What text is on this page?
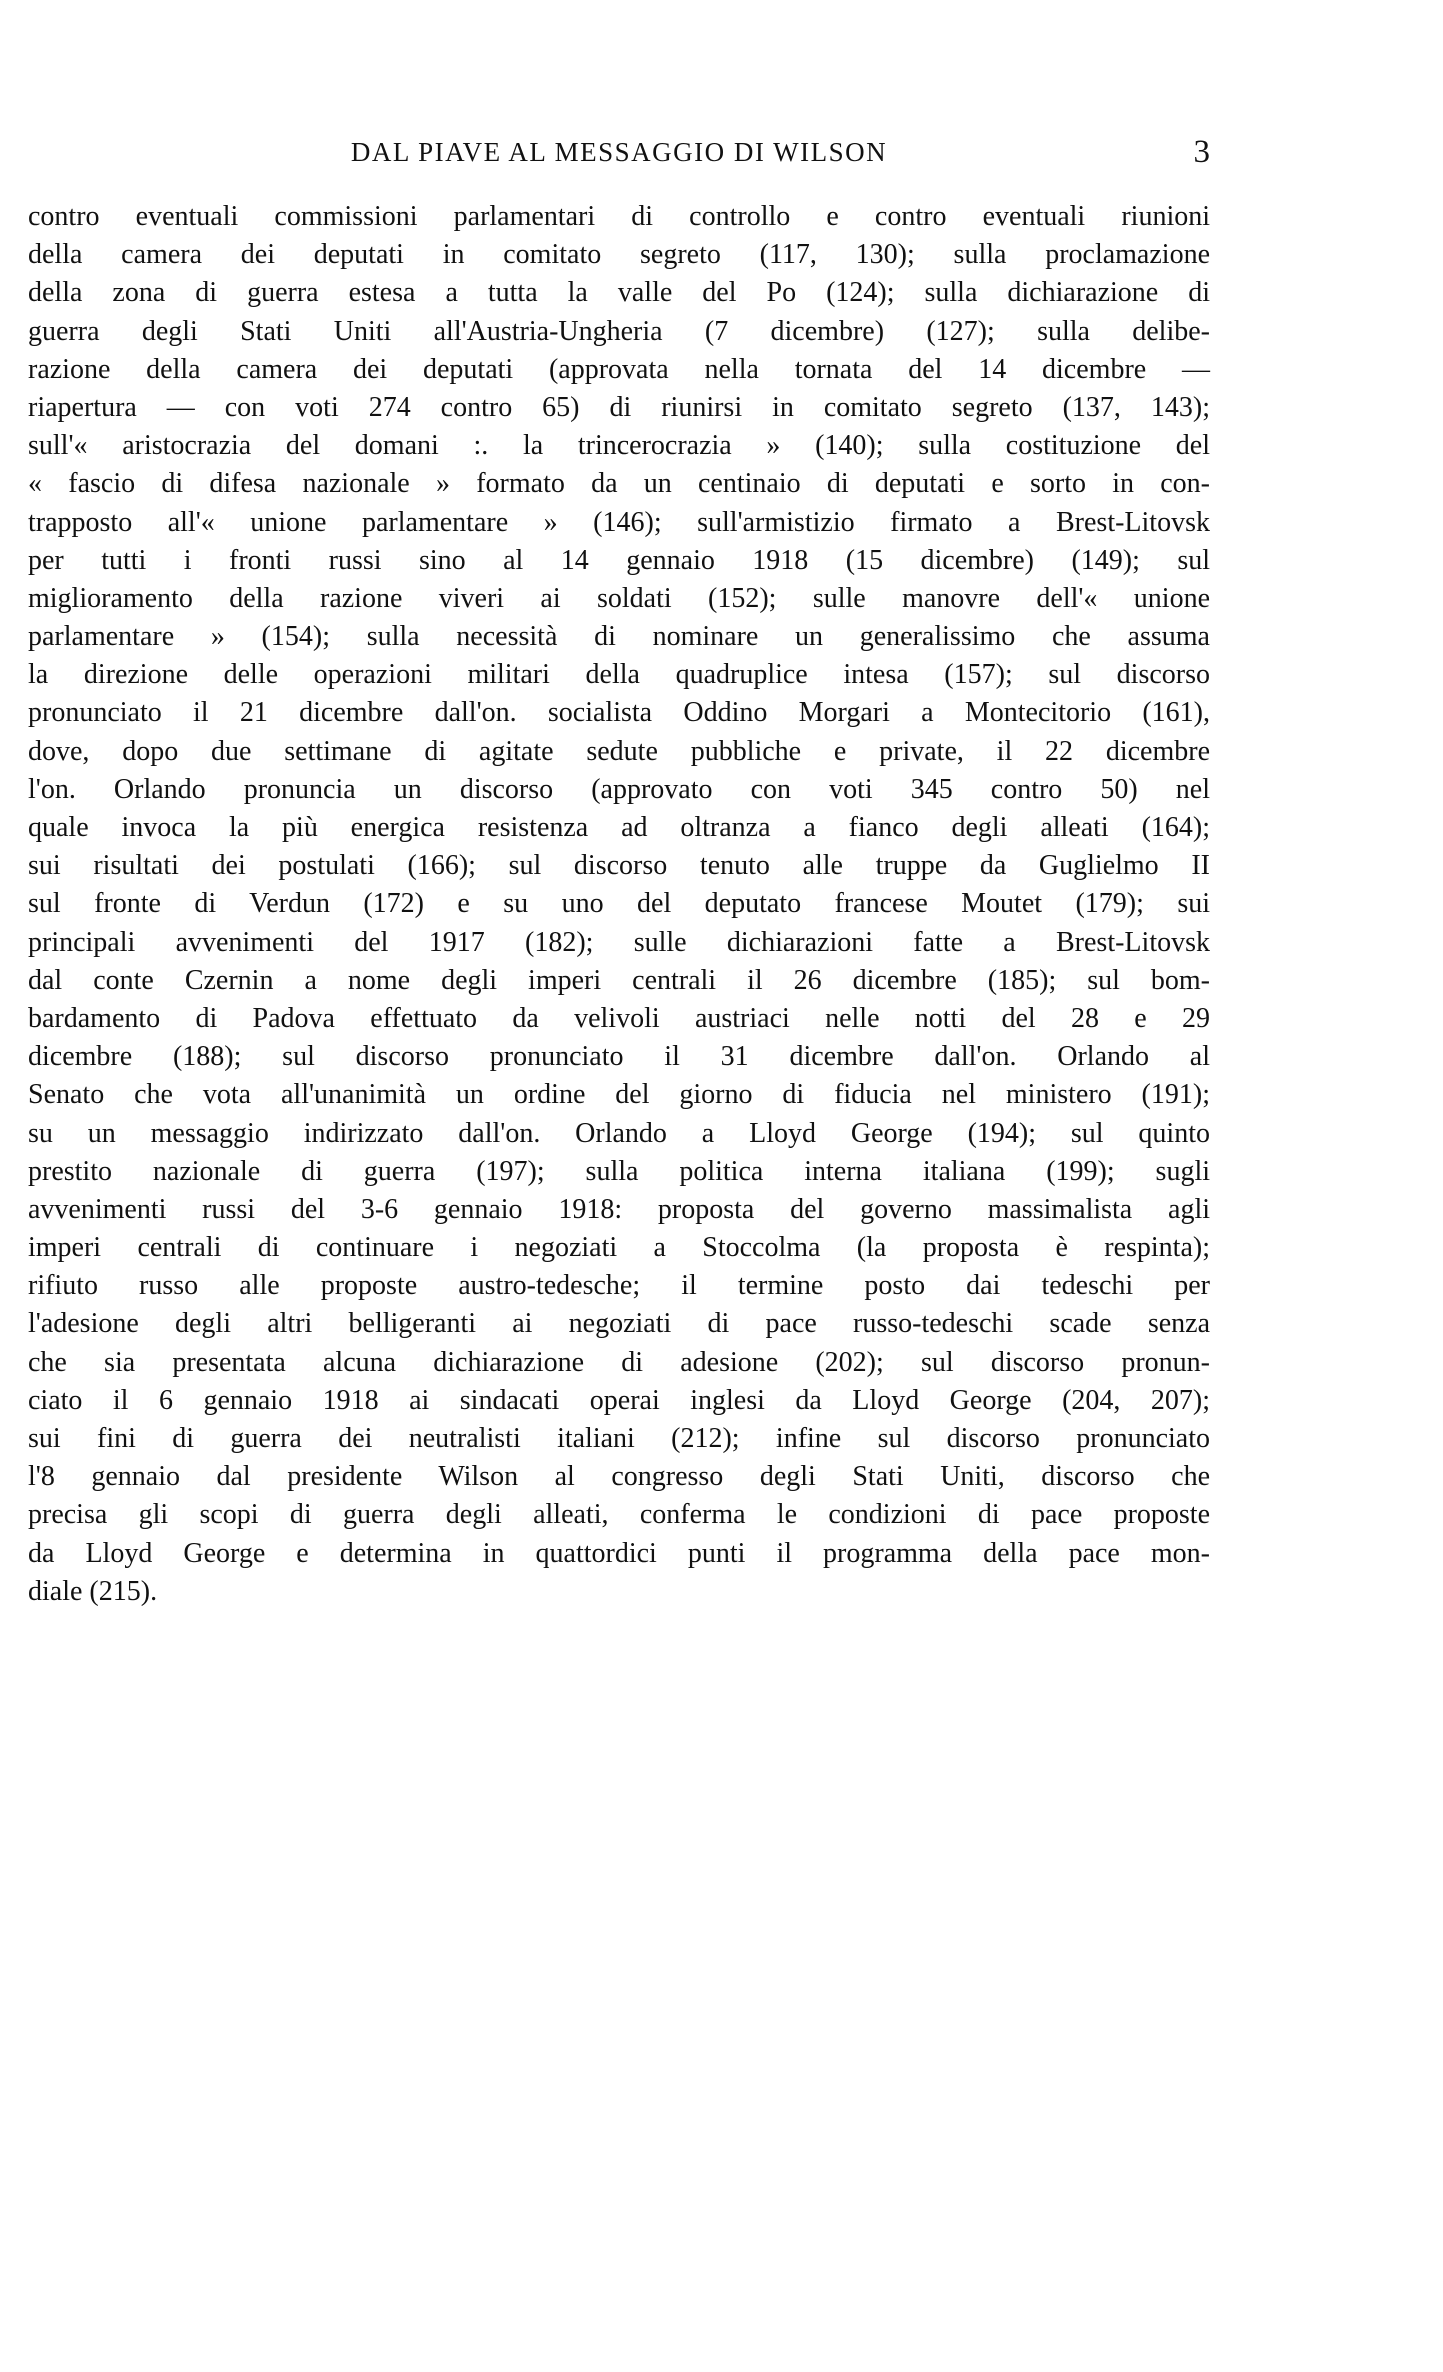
DAL PIAVE AL MESSAGGIO DI WILSON	3
contro eventuali commissioni parlamentari di controllo e contro eventuali riunioni
della camera dei deputati in comitato segreto (117, 130); sulla proclamazione
della zona di guerra estesa a tutta la valle del Po (124); sulla dichiarazione di
guerra degli Stati Uniti all'Austria-Ungheria (7 dicembre) (127); sulla delibe-
razione della camera dei deputati (approvata nella tornata del 14 dicembre —
riapertura — con voti 274 contro 65) di riunirsi in comitato segreto (137, 143);
sull'« aristocrazia del domani :. la trincerocrazia » (140); sulla costituzione del
« fascio di difesa nazionale » formato da un centinaio di deputati e sorto in con-
trapposto all'« unione parlamentare » (146); sull'armistizio firmato a Brest-Litovsk
per tutti i fronti russi sino al 14 gennaio 1918 (15 dicembre) (149); sul
miglioramento della razione viveri ai soldati (152); sulle manovre dell'« unione
parlamentare » (154); sulla necessità di nominare un generalissimo che assuma
la direzione delle operazioni militari della quadruplice intesa (157); sul discorso
pronunciato il 21 dicembre dall'on. socialista Oddino Morgari a Montecitorio (161),
dove, dopo due settimane di agitate sedute pubbliche e private, il 22 dicembre
l'on. Orlando pronuncia un discorso (approvato con voti 345 contro 50) nel
quale invoca la più energica resistenza ad oltranza a fianco degli alleati (164);
sui risultati dei postulati (166); sul discorso tenuto alle truppe da Guglielmo II
sul fronte di Verdun (172) e su uno del deputato francese Moutet (179); sui
principali avvenimenti del 1917 (182); sulle dichiarazioni fatte a Brest-Litovsk
dal conte Czernin a nome degli imperi centrali il 26 dicembre (185); sul bom-
bardamento di Padova effettuato da velivoli austriaci nelle notti del 28 e 29
dicembre (188); sul discorso pronunciato il 31 dicembre dall'on. Orlando al
Senato che vota all'unanimità un ordine del giorno di fiducia nel ministero (191);
su un messaggio indirizzato dall'on. Orlando a Lloyd George (194); sul quinto
prestito nazionale di guerra (197); sulla politica interna italiana (199); sugli
avvenimenti russi del 3-6 gennaio 1918: proposta del governo massimalista agli
imperi centrali di continuare i negoziati a Stoccolma (la proposta è respinta);
rifiuto russo alle proposte austro-tedesche; il termine posto dai tedeschi per
l'adesione degli altri belligeranti ai negoziati di pace russo-tedeschi scade senza
che sia presentata alcuna dichiarazione di adesione (202); sul discorso pronun-
ciato il 6 gennaio 1918 ai sindacati operai inglesi da Lloyd George (204, 207);
sui fini di guerra dei neutralisti italiani (212); infine sul discorso pronunciato
l'8 gennaio dal presidente Wilson al congresso degli Stati Uniti, discorso che
precisa gli scopi di guerra degli alleati, conferma le condizioni di pace proposte
da Lloyd George e determina in quattordici punti il programma della pace mon-
diale (215).
